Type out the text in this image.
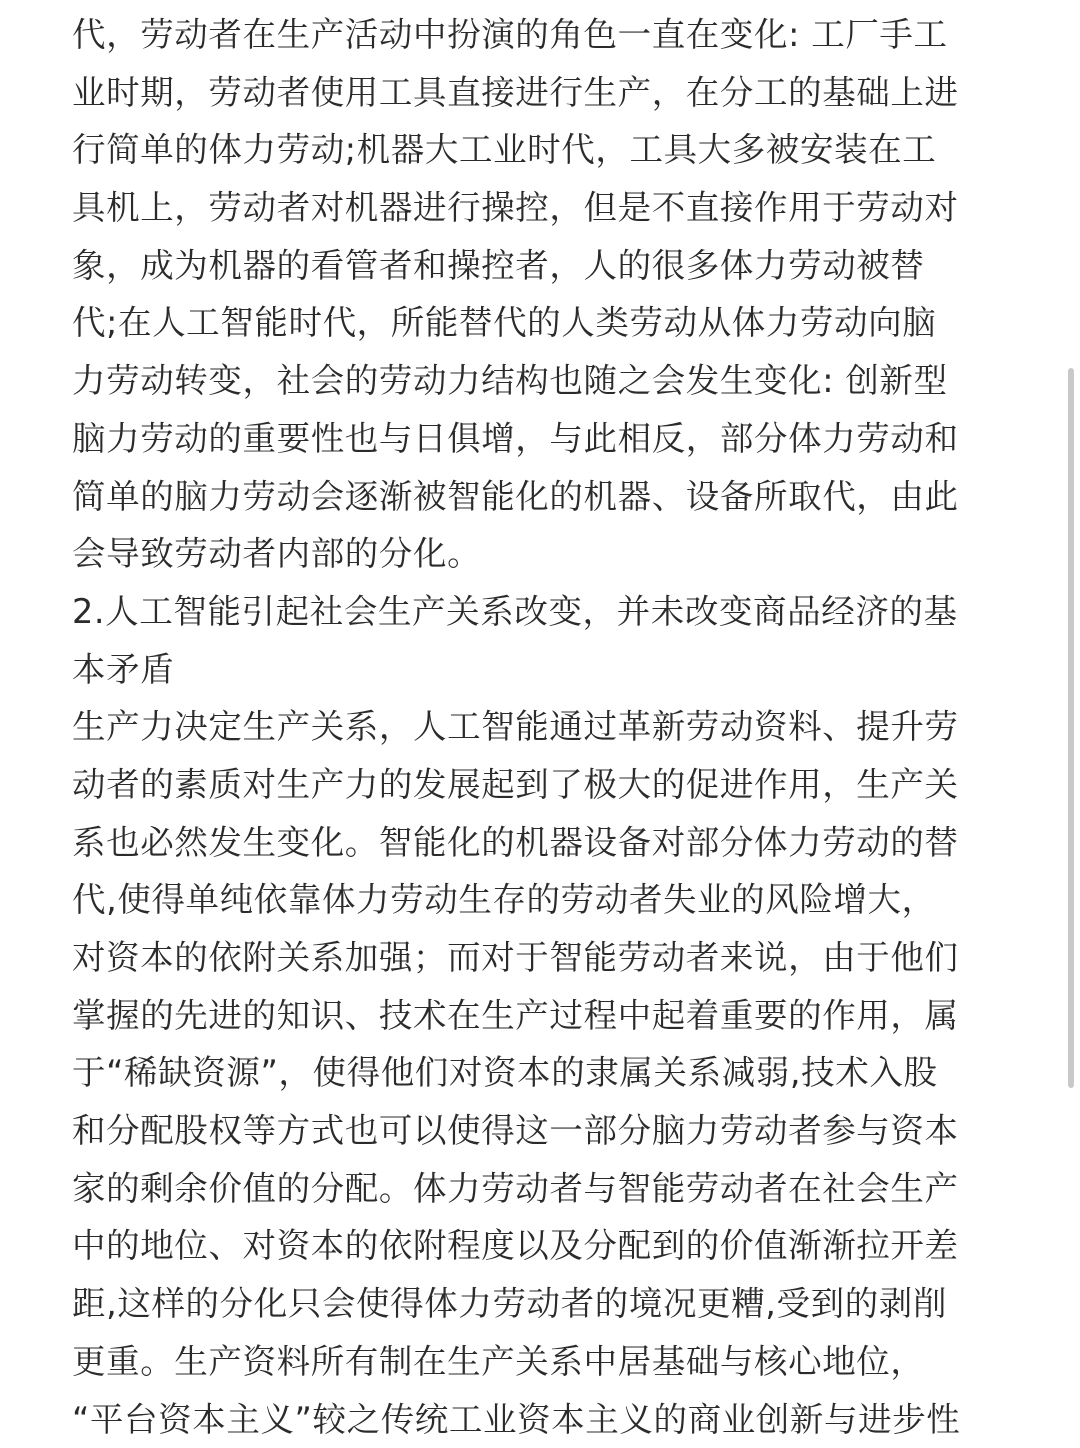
代，劳动者在生产活动中扮演的角色一直在变化: 工厂手工
业时期，劳动者使用工具直接进行生产，在分工的基础上进
行简单的体力劳动;机器大工业时代，工具大多被安装在工
具机上，劳动者对机器进行操控，但是不直接作用于劳动对
象，成为机器的看管者和操控者，人的很多体力劳动被替
代;在人工智能时代，所能替代的人类劳动从体力劳动向脑
力劳动转变，社会的劳动力结构也随之会发生变化: 创新型
脑力劳动的重要性也与日俱增，与此相反，部分体力劳动和
简单的脑力劳动会逐渐被智能化的机器、设备所取代，由此
会导致劳动者内部的分化。
2.人工智能引起社会生产关系改变，并未改变商品经济的基
本矛盾
生产力决定生产关系，人工智能通过革新劳动资料、提升劳
动者的素质对生产力的发展起到了极大的促进作用，生产关
系也必然发生变化。智能化的机器设备对部分体力劳动的替
代,使得单纯依靠体力劳动生存的劳动者失业的风险增大，
对资本的依附关系加强；而对于智能劳动者来说，由于他们
掌握的先进的知识、技术在生产过程中起着重要的作用，属
于“稀缺资源”，使得他们对资本的隶属关系减弱,技术入股
和分配股权等方式也可以使得这一部分脑力劳动者参与资本
家的剩余价值的分配。体力劳动者与智能劳动者在社会生产
中的地位、对资本的依附程度以及分配到的价值渐渐拉开差
距,这样的分化只会使得体力劳动者的境况更糟,受到的剥削
更重。生产资料所有制在生产关系中居基础与核心地位，
“平台资本主义”较之传统工业资本主义的商业创新与进步性
